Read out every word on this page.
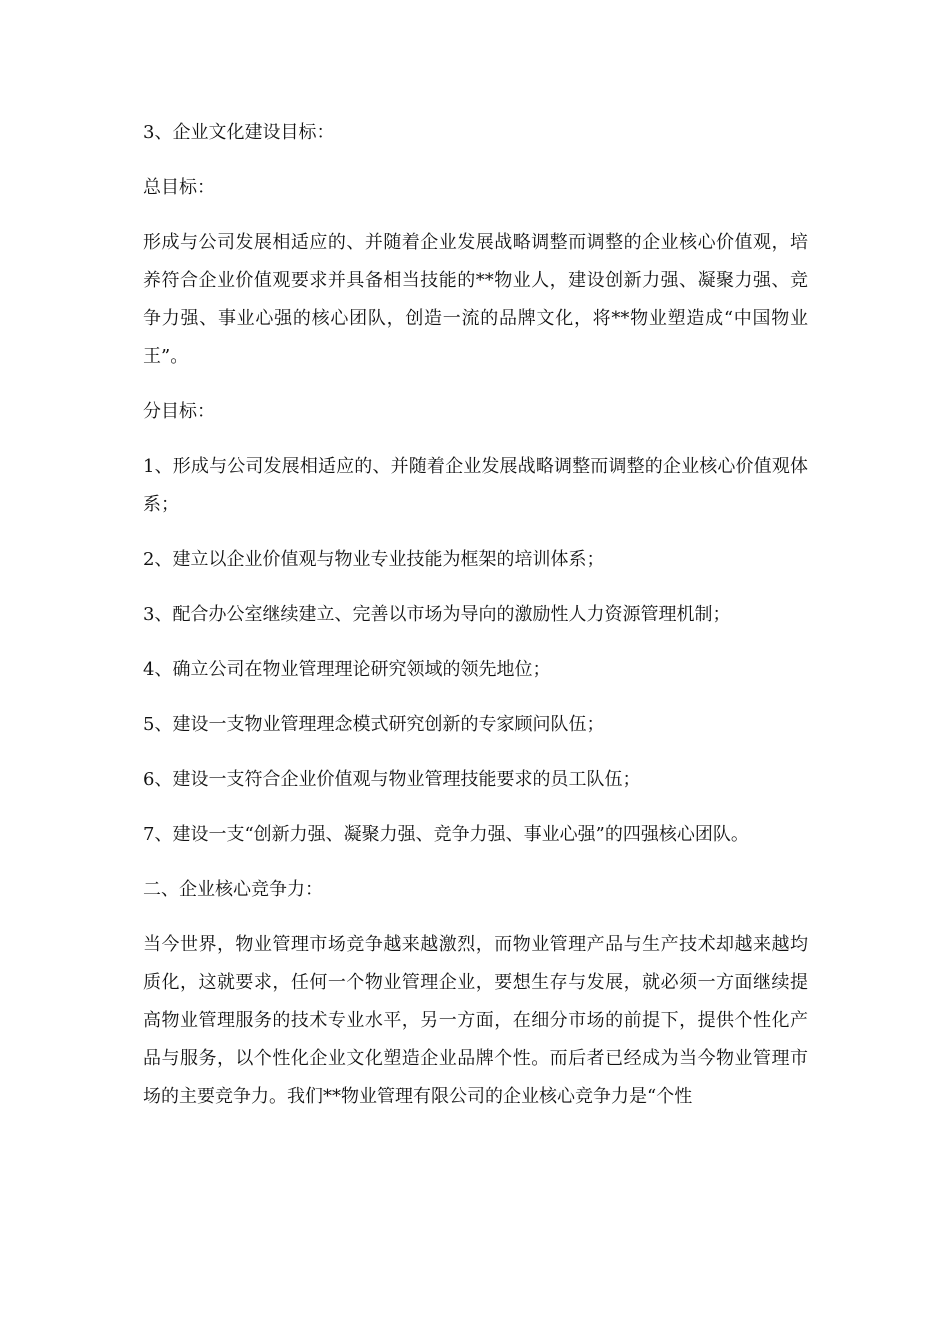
3、企业文化建设目标：

总目标：

形成与公司发展相适应的、并随着企业发展战略调整而调整的企业核心价值观，培养符合企业价值观要求并具备相当技能的**物业人，建设创新力强、凝聚力强、竞争力强、事业心强的核心团队，创造一流的品牌文化，将**物业塑造成“中国物业王”。

分目标：

1、形成与公司发展相适应的、并随着企业发展战略调整而调整的企业核心价值观体系；

2、建立以企业价值观与物业专业技能为框架的培训体系；

3、配合办公室继续建立、完善以市场为导向的激励性人力资源管理机制；

4、确立公司在物业管理理论研究领域的领先地位；

5、建设一支物业管理理念模式研究创新的专家顾问队伍；

6、建设一支符合企业价值观与物业管理技能要求的员工队伍；

7、建设一支“创新力强、凝聚力强、竞争力强、事业心强”的四强核心团队。

二、企业核心竞争力：

当今世界，物业管理市场竞争越来越激烈，而物业管理产品与生产技术却越来越均质化，这就要求，任何一个物业管理企业，要想生存与发展，就必须一方面继续提高物业管理服务的技术专业水平，另一方面，在细分市场的前提下，提供个性化产品与服务，以个性化企业文化塑造企业品牌个性。而后者已经成为当今物业管理市场的主要竞争力。我们**物业管理有限公司的企业核心竞争力是“个性
